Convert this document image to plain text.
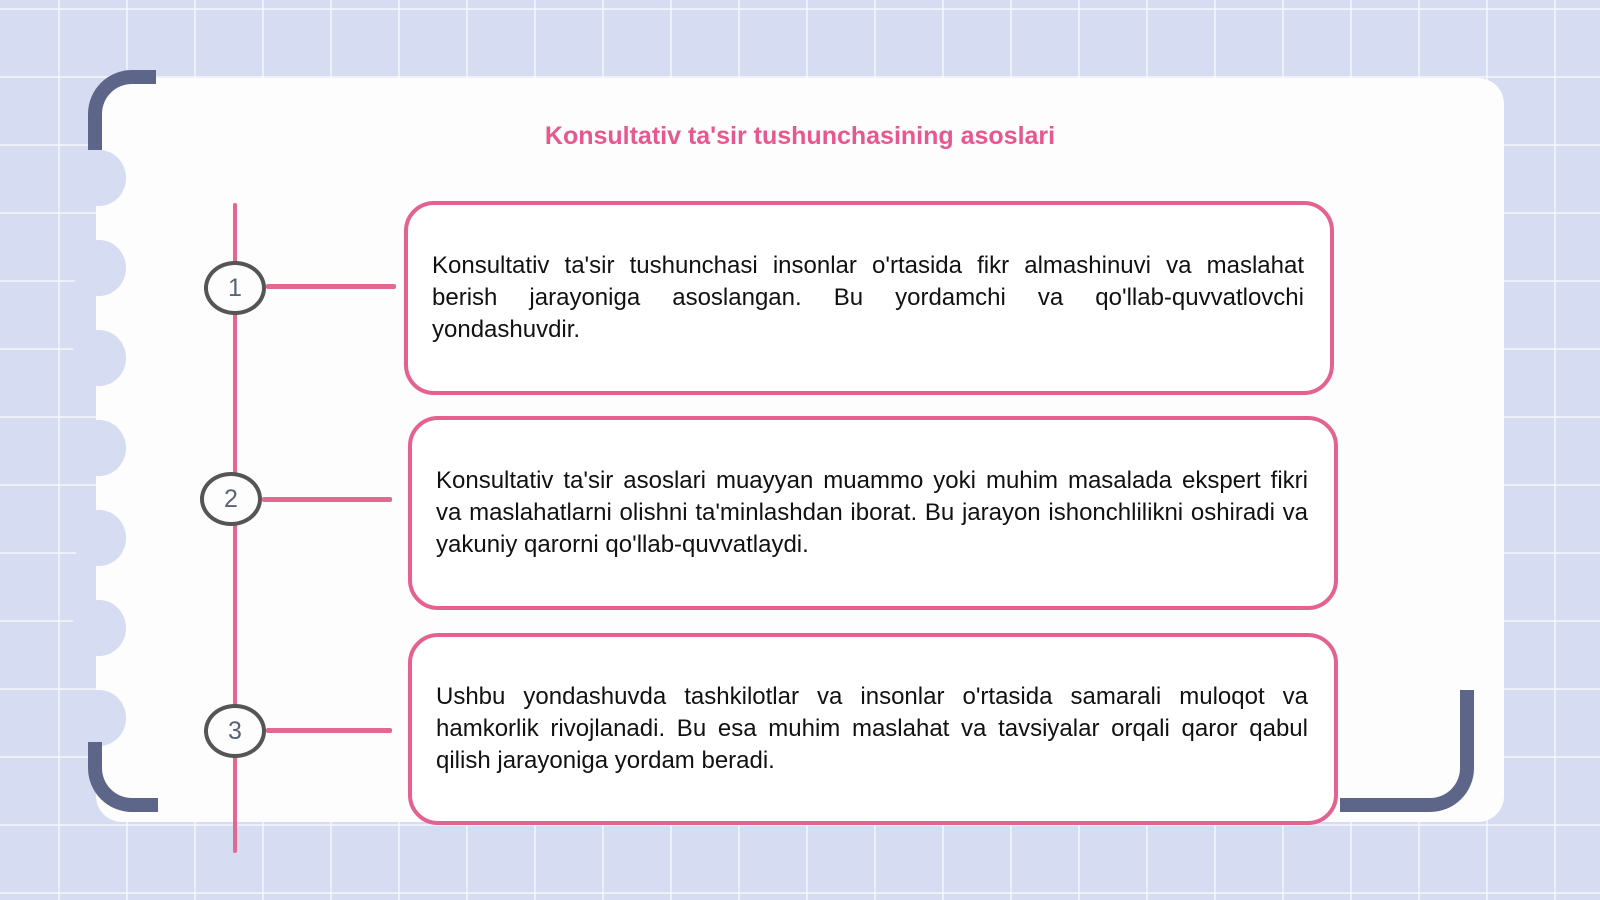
Konsultativ ta'sir tushunchasining asoslari
1

Konsultativ ta'sir tushunchasi insonlar o'rtasida fikr almashinuvi va maslahat berish jarayoniga asoslangan. Bu yordamchi va qo'llab-quvvatlovchi yondashuvdir.

2

Konsultativ ta'sir asoslari muayyan muammo yoki muhim masalada ekspert fikri va maslahatlarni olishni ta'minlashdan iborat. Bu jarayon ishonchlilikni oshiradi va yakuniy qarorni qo'llab-quvvatlaydi.

3

Ushbu yondashuvda tashkilotlar va insonlar o'rtasida samarali muloqot va hamkorlik rivojlanadi. Bu esa muhim maslahat va tavsiyalar orqali qaror qabul qilish jarayoniga yordam beradi.
